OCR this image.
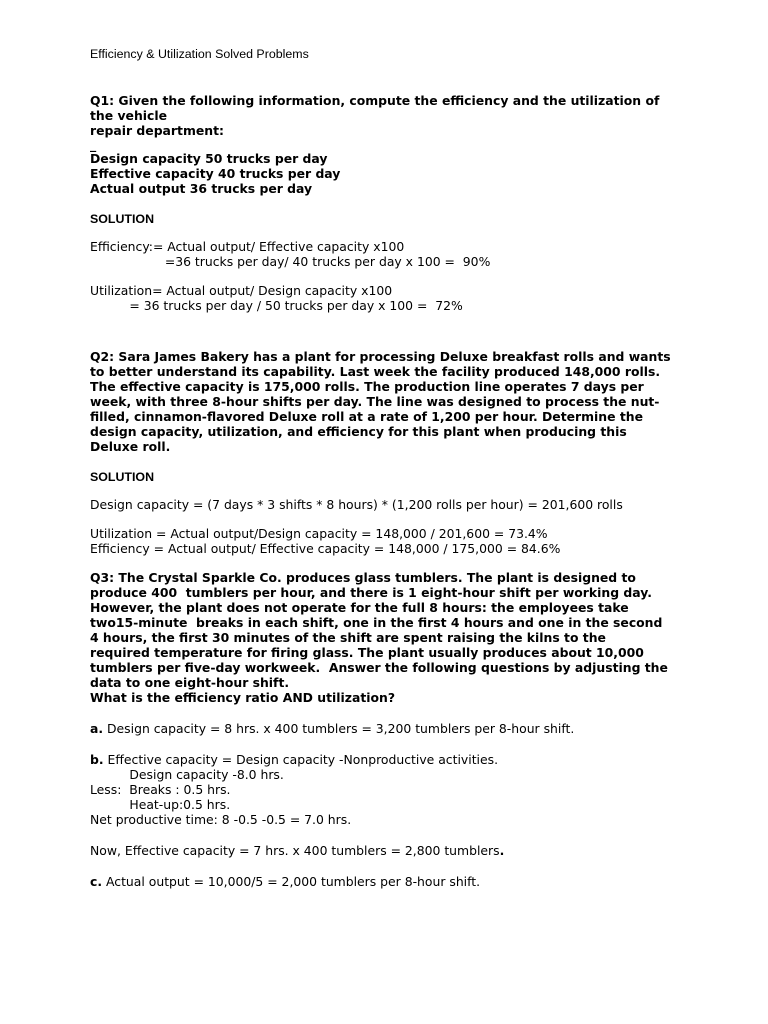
Efficiency & Utilization Solved Problems
Q1: Given the following information, compute the efficiency and the utilization of
the vehicle
repair department:
_
Design capacity 50 trucks per day
Effective capacity 40 trucks per day
Actual output 36 trucks per day
SOLUTION
Efficiency:= Actual output/ Effective capacity x100
=36 trucks per day/ 40 trucks per day x 100 =  90%
Utilization= Actual output/ Design capacity x100
= 36 trucks per day / 50 trucks per day x 100 =  72%
Q2: Sara James Bakery has a plant for processing Deluxe breakfast rolls and wants
to better understand its capability. Last week the facility produced 148,000 rolls.
The effective capacity is 175,000 rolls. The production line operates 7 days per
week, with three 8-hour shifts per day. The line was designed to process the nut-
filled, cinnamon-flavored Deluxe roll at a rate of 1,200 per hour. Determine the
design capacity, utilization, and efficiency for this plant when producing this
Deluxe roll.
SOLUTION
Design capacity = (7 days * 3 shifts * 8 hours) * (1,200 rolls per hour) = 201,600 rolls
Utilization = Actual output/Design capacity = 148,000 / 201,600 = 73.4%
Efficiency = Actual output/ Effective capacity = 148,000 / 175,000 = 84.6%
Q3: The Crystal Sparkle Co. produces glass tumblers. The plant is designed to
produce 400  tumblers per hour, and there is 1 eight-hour shift per working day.
However, the plant does not operate for the full 8 hours: the employees take
two15-minute  breaks in each shift, one in the first 4 hours and one in the second
4 hours, the first 30 minutes of the shift are spent raising the kilns to the
required temperature for firing glass. The plant usually produces about 10,000
tumblers per five-day workweek.  Answer the following questions by adjusting the
data to one eight-hour shift.
What is the efficiency ratio AND utilization?
a. Design capacity = 8 hrs. x 400 tumblers = 3,200 tumblers per 8-hour shift.
b. Effective capacity = Design capacity -Nonproductive activities.
Design capacity -8.0 hrs.
Less:  Breaks : 0.5 hrs.
Heat-up:0.5 hrs.
Net productive time: 8 -0.5 -0.5 = 7.0 hrs.
Now, Effective capacity = 7 hrs. x 400 tumblers = 2,800 tumblers.
c. Actual output = 10,000/5 = 2,000 tumblers per 8-hour shift.
